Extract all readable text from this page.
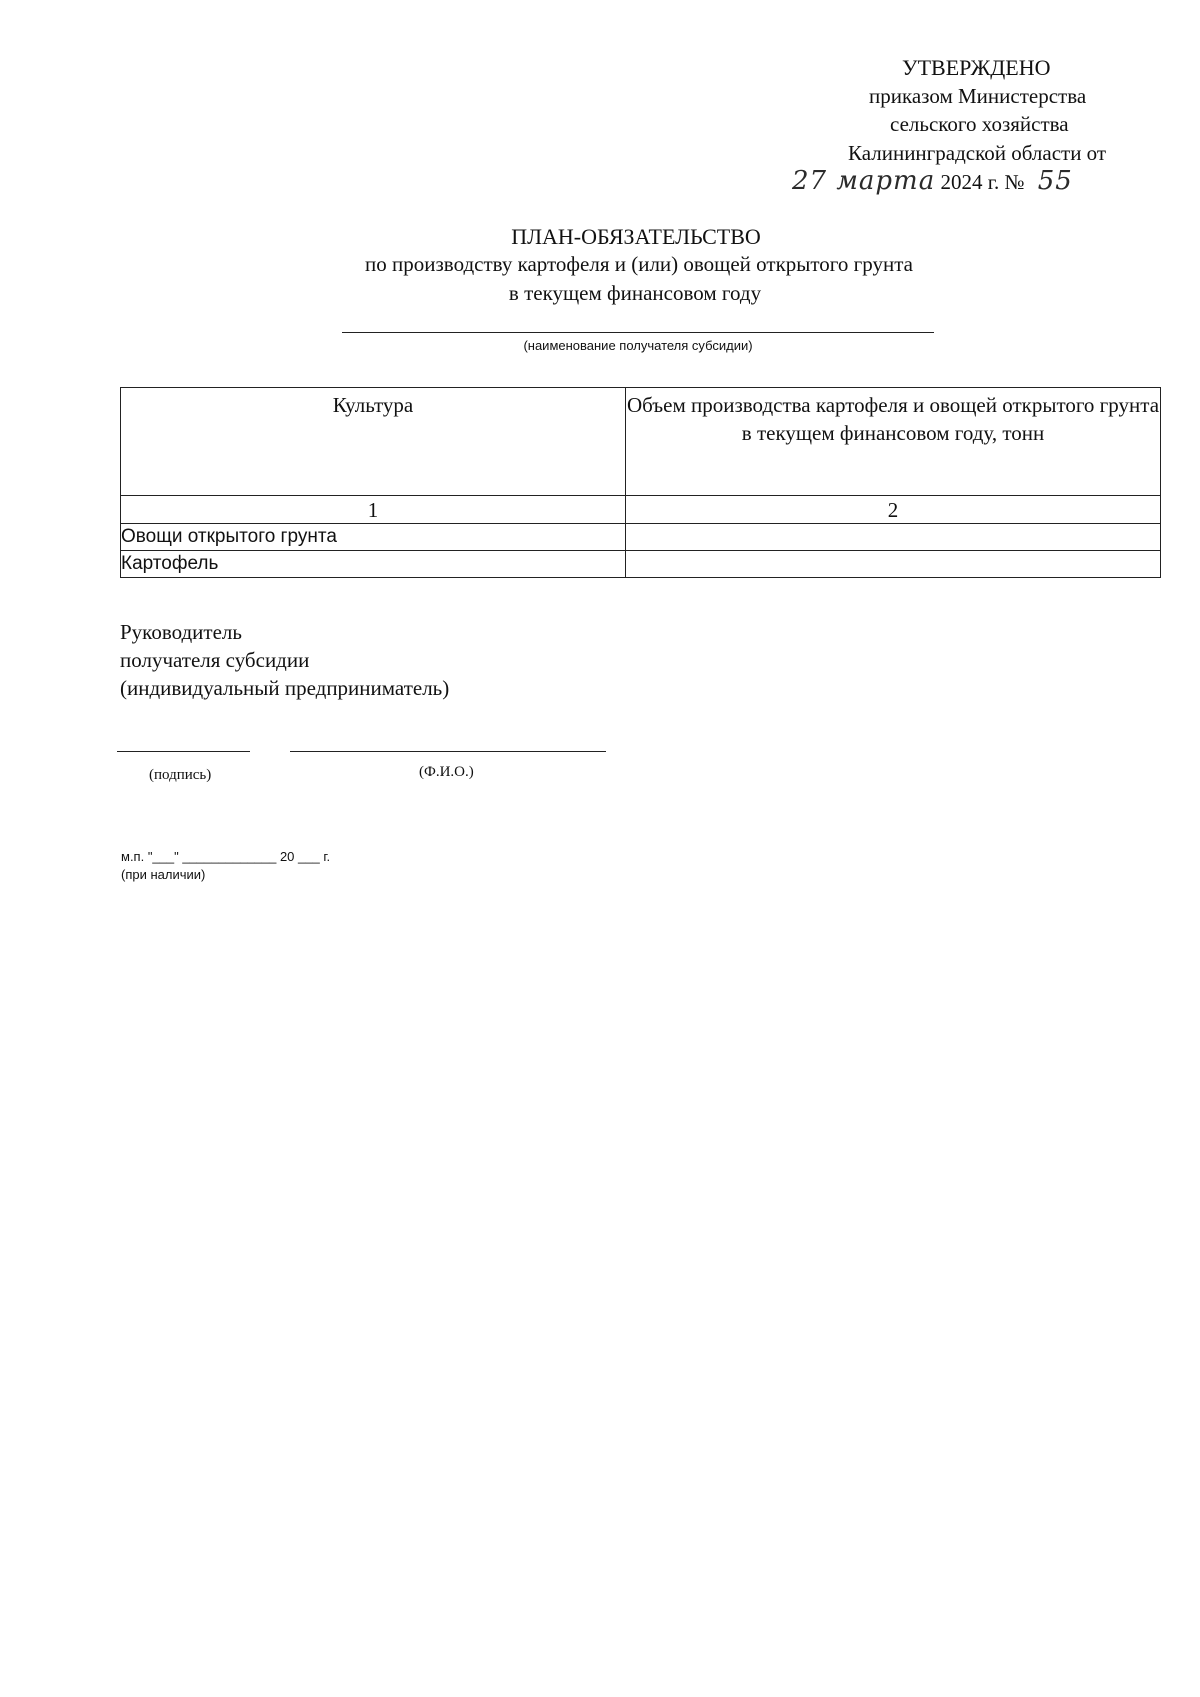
УТВЕРЖДЕНО
приказом Министерства
сельского хозяйства
Калининградской области от
27 марта 2024 г. № 55
ПЛАН-ОБЯЗАТЕЛЬСТВО
по производству картофеля и (или) овощей открытого грунта
в текущем финансовом году
(наименование получателя субсидии)
Культура	Объем производства картофеля и овощей открытого грунта в текущем финансовом году, тонн
1	2
Овощи открытого грунта	
Картофель	
Руководитель
получателя субсидии
(индивидуальный предприниматель)
(подпись)	(Ф.И.О.)
м.п. "___" _____________ 20 ___ г.
(при наличии)
